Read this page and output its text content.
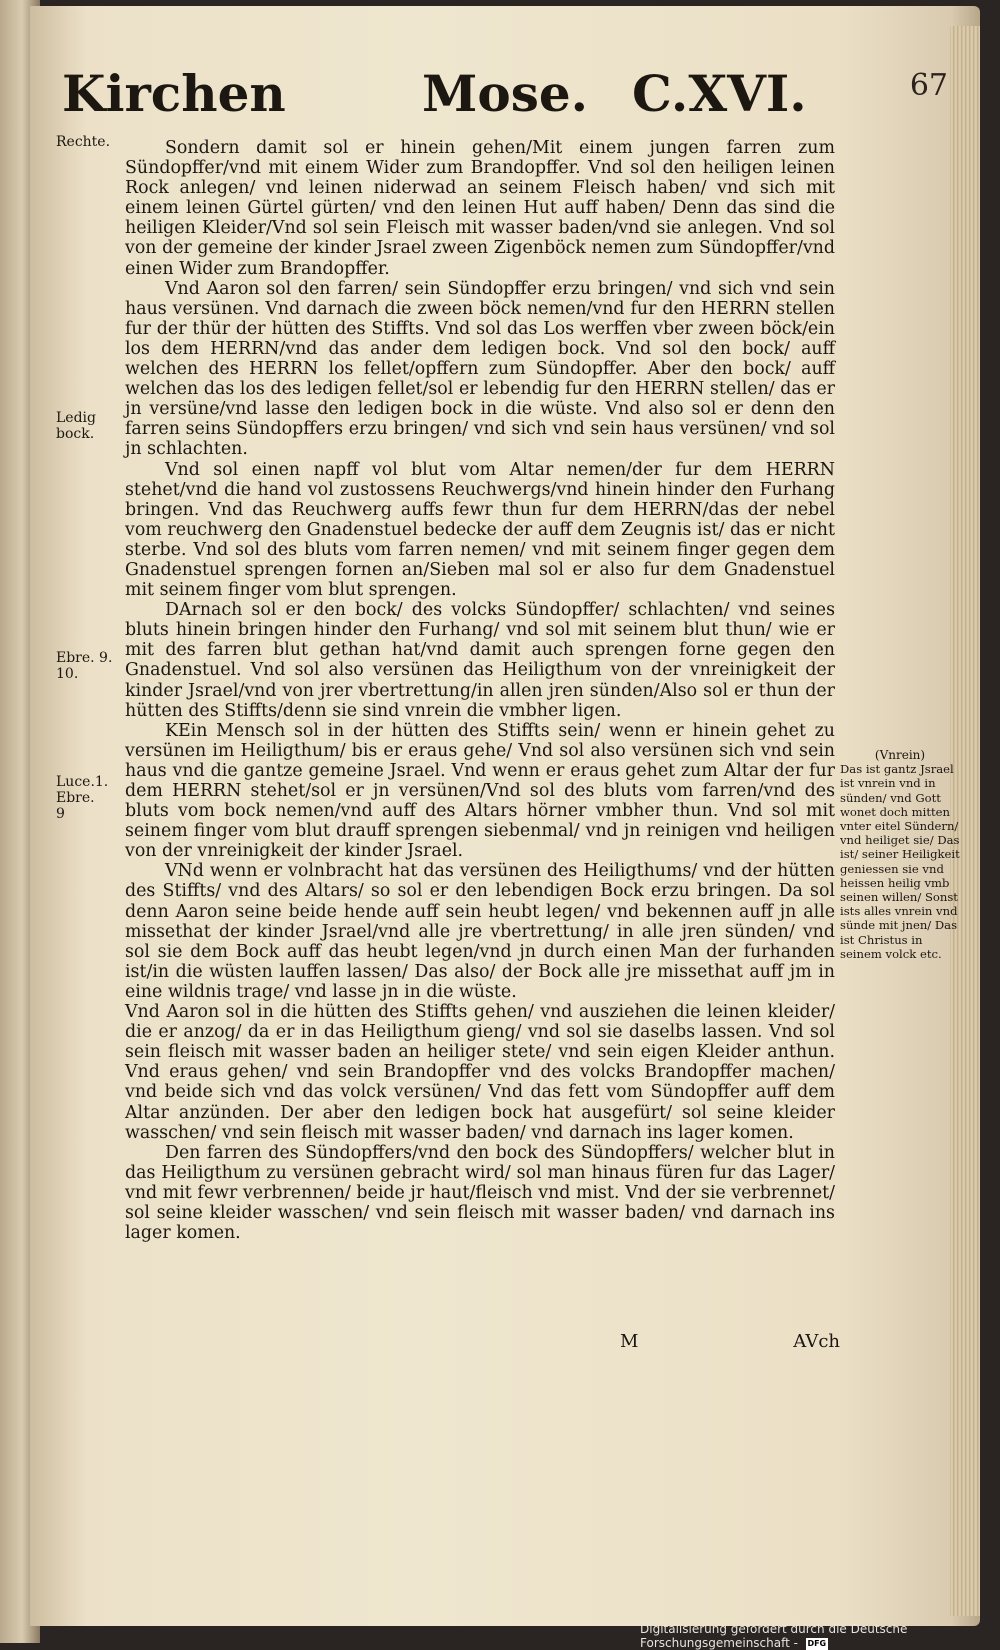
Kirchen	Mose. C.XVI.	67
Rechte.
Ledig bock.
Ebre. 9. 10.
Luce.1. Ebre. 9

Sondern damit sol er hinein gehen/Mit einem jungen farren zum Sündopffer/vnd mit einem Wider zum Brandopffer. Vnd sol den heiligen leinen Rock anlegen/ vnd leinen niderwad an seinem Fleisch haben/ vnd sich mit einem leinen Gürtel gürten/ vnd den leinen Hut auff haben/ Denn das sind die heiligen Kleider/Vnd sol sein Fleisch mit wasser baden/vnd sie anlegen. Vnd sol von der gemeine der kinder Jsrael zween Zigenböck nemen zum Sündopffer/vnd einen Wider zum Brandopffer.

Vnd Aaron sol den farren/ sein Sündopffer erzu bringen/ vnd sich vnd sein haus versünen. Vnd darnach die zween böck nemen/vnd fur den HERRN stellen fur der thür der hütten des Stiffts. Vnd sol das Los werffen vber zween böck/ein los dem HERRN/vnd das ander dem ledigen bock. Vnd sol den bock/ auff welchen des HERRN los fellet/opffern zum Sündopffer. Aber den bock/ auff welchen das los des ledigen fellet/sol er lebendig fur den HERRN stellen/ das er jn versüne/vnd lasse den ledigen bock in die wüste. Vnd also sol er denn den farren seins Sündopffers erzu bringen/ vnd sich vnd sein haus versünen/ vnd sol jn schlachten.

Vnd sol einen napff vol blut vom Altar nemen/der fur dem HERRN stehet/vnd die hand vol zustossens Reuchwergs/vnd hinein hinder den Furhang bringen. Vnd das Reuchwerg auffs fewr thun fur dem HERRN/das der nebel vom reuchwerg den Gnadenstuel bedecke der auff dem Zeugnis ist/ das er nicht sterbe. Vnd sol des bluts vom farren nemen/ vnd mit seinem finger gegen dem Gnadenstuel sprengen fornen an/Sieben mal sol er also fur dem Gnadenstuel mit seinem finger vom blut sprengen.

DArnach sol er den bock/ des volcks Sündopffer/ schlachten/ vnd seines bluts hinein bringen hinder den Furhang/ vnd sol mit seinem blut thun/ wie er mit des farren blut gethan hat/vnd damit auch sprengen forne gegen den Gnadenstuel. Vnd sol also versünen das Heiligthum von der vnreinigkeit der kinder Jsrael/vnd von jrer vbertrettung/in allen jren sünden/Also sol er thun der hütten des Stiffts/denn sie sind vnrein die vmbher ligen.

KEin Mensch sol in der hütten des Stiffts sein/ wenn er hinein gehet zu versünen im Heiligthum/ bis er eraus gehe/ Vnd sol also versünen sich vnd sein haus vnd die gantze gemeine Jsrael. Vnd wenn er eraus gehet zum Altar der fur dem HERRN stehet/sol er jn versünen/Vnd sol des bluts vom farren/vnd des bluts vom bock nemen/vnd auff des Altars hörner vmbher thun. Vnd sol mit seinem finger vom blut drauff sprengen siebenmal/ vnd jn reinigen vnd heiligen von der vnreinigkeit der kinder Jsrael.

VNd wenn er volnbracht hat das versünen des Heiligthums/ vnd der hütten des Stiffts/ vnd des Altars/ so sol er den lebendigen Bock erzu bringen. Da sol denn Aaron seine beide hende auff sein heubt legen/ vnd bekennen auff jn alle missethat der kinder Jsrael/vnd alle jre vbertrettung/ in alle jren sünden/ vnd sol sie dem Bock auff das heubt legen/vnd jn durch einen Man der furhanden ist/in die wüsten lauffen lassen/ Das also/ der Bock alle jre missethat auff jm in eine wildnis trage/ vnd lasse jn in die wüste.

Vnd Aaron sol in die hütten des Stiffts gehen/ vnd ausziehen die leinen kleider/ die er anzog/ da er in das Heiligthum gieng/ vnd sol sie daselbs lassen. Vnd sol sein fleisch mit wasser baden an heiliger stete/ vnd sein eigen Kleider anthun. Vnd eraus gehen/ vnd sein Brandopffer vnd des volcks Brandopffer machen/ vnd beide sich vnd das volck versünen/ Vnd das fett vom Sündopffer auff dem Altar anzünden. Der aber den ledigen bock hat ausgefürt/ sol seine kleider wasschen/ vnd sein fleisch mit wasser baden/ vnd darnach ins lager komen.

Den farren des Sündopffers/vnd den bock des Sündopffers/ welcher blut in das Heiligthum zu versünen gebracht wird/ sol man hinaus füren fur das Lager/ vnd mit fewr verbrennen/ beide jr haut/fleisch vnd mist. Vnd der sie verbrennet/ sol seine kleider wasschen/ vnd sein fleisch mit wasser baden/ vnd darnach ins lager komen.

(Vnrein)
Das ist gantz Jsrael ist vnrein vnd in sünden/ vnd Gott wonet doch mitten vnter eitel Sündern/ vnd heiliget sie/ Das ist/ seiner Heiligkeit geniessen sie vnd heissen heilig vmb seinen willen/ Sonst ists alles vnrein vnd sünde mit jnen/ Das ist Christus in seinem volck etc.
M	AVch
Digitalisierung gefördert durch die Deutsche Forschungsgemeinschaft - DFG
